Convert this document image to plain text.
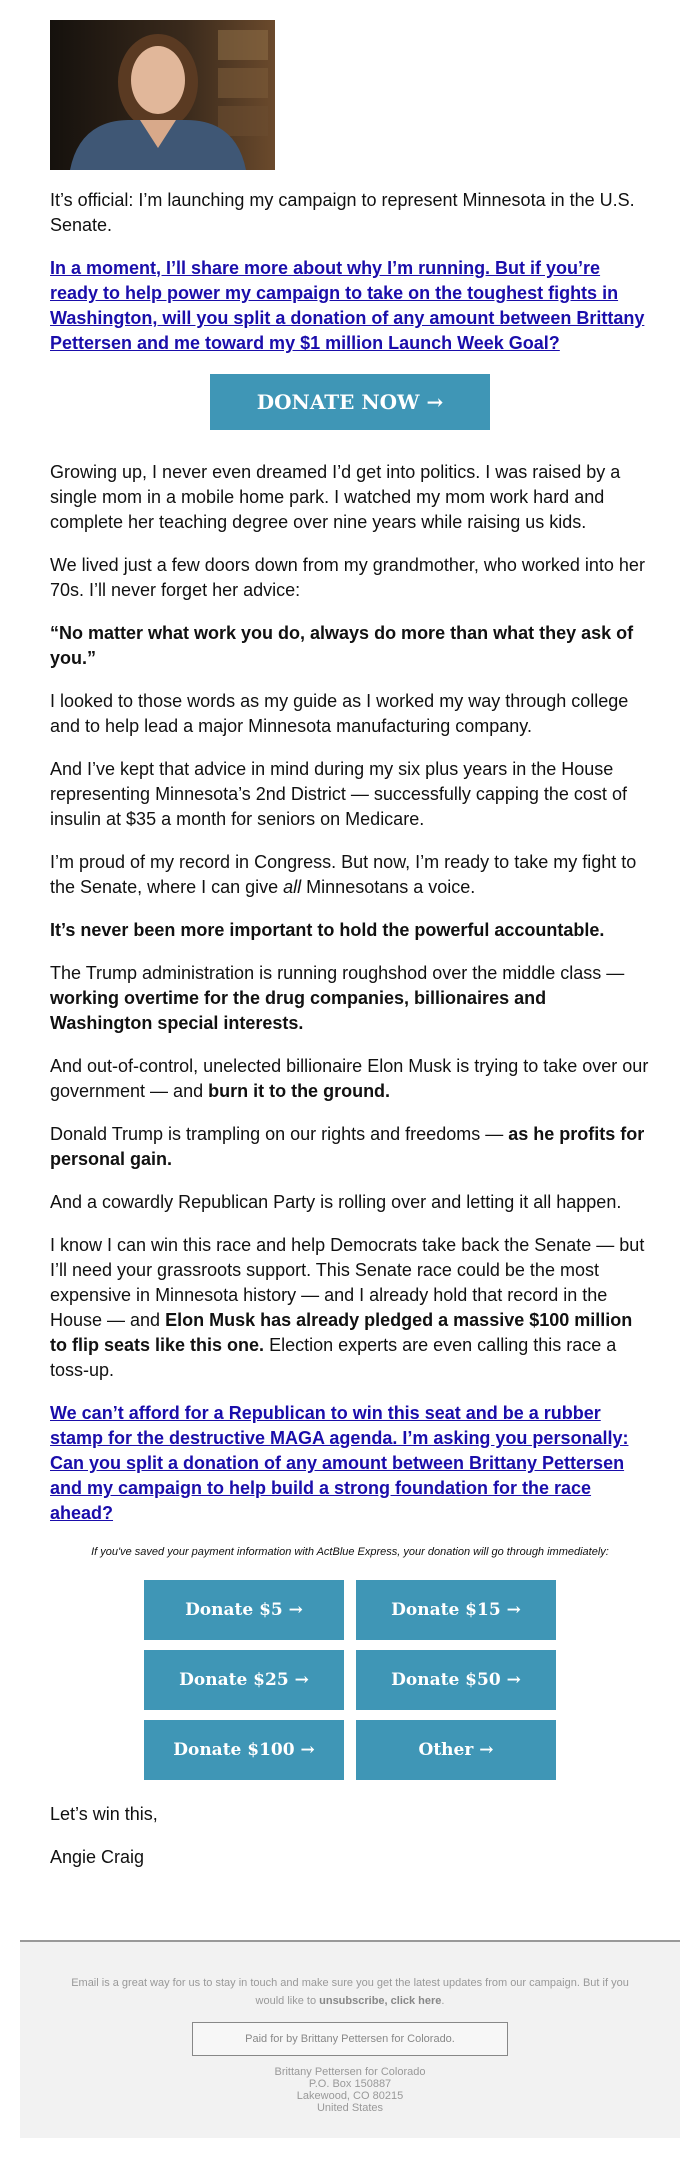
It’s official: I’m launching my campaign to represent Minnesota in the U.S. Senate.

In a moment, I’ll share more about why I’m running. But if you’re ready to help power my campaign to take on the toughest fights in Washington, will you split a donation of any amount between Brittany Pettersen and me toward my $1 million Launch Week Goal?

DONATE NOW →

Growing up, I never even dreamed I’d get into politics. I was raised by a single mom in a mobile home park. I watched my mom work hard and complete her teaching degree over nine years while raising us kids.

We lived just a few doors down from my grandmother, who worked into her 70s. I’ll never forget her advice:

“No matter what work you do, always do more than what they ask of you.”

I looked to those words as my guide as I worked my way through college and to help lead a major Minnesota manufacturing company.

And I’ve kept that advice in mind during my six plus years in the House representing Minnesota’s 2nd District — successfully capping the cost of insulin at $35 a month for seniors on Medicare.

I’m proud of my record in Congress. But now, I’m ready to take my fight to the Senate, where I can give all Minnesotans a voice.

It’s never been more important to hold the powerful accountable.

The Trump administration is running roughshod over the middle class — working overtime for the drug companies, billionaires and Washington special interests.

And out-of-control, unelected billionaire Elon Musk is trying to take over our government — and burn it to the ground.

Donald Trump is trampling on our rights and freedoms — as he profits for personal gain.

And a cowardly Republican Party is rolling over and letting it all happen.

I know I can win this race and help Democrats take back the Senate — but I’ll need your grassroots support. This Senate race could be the most expensive in Minnesota history — and I already hold that record in the House — and Elon Musk has already pledged a massive $100 million to flip seats like this one. Election experts are even calling this race a toss-up.

We can’t afford for a Republican to win this seat and be a rubber stamp for the destructive MAGA agenda. I’m asking you personally: Can you split a donation of any amount between Brittany Pettersen and my campaign to help build a strong foundation for the race ahead?

If you've saved your payment information with ActBlue Express, your donation will go through immediately:
Donate $5 →	Donate $15 →
Donate $25 →	Donate $50 →
Donate $100 →	Other →

Let’s win this,

Angie Craig

Email is a great way for us to stay in touch and make sure you get the latest updates from our campaign. But if you would like to unsubscribe, click here.

Paid for by Brittany Pettersen for Colorado.
Brittany Pettersen for Colorado
P.O. Box 150887
Lakewood, CO 80215
United States
